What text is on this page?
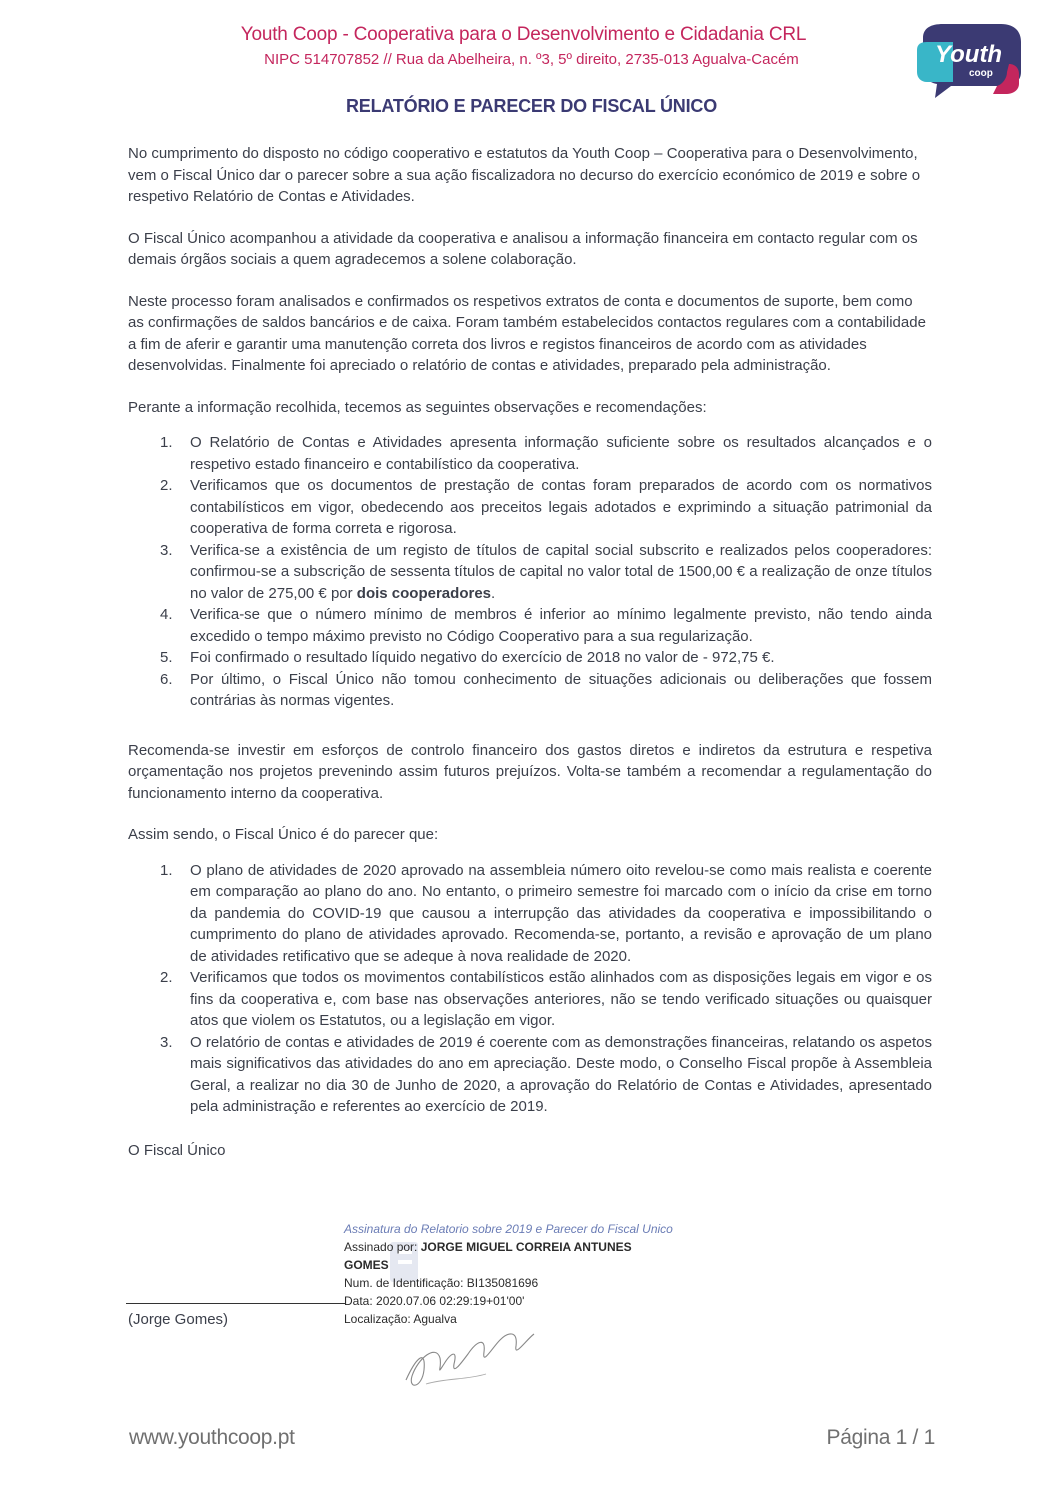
Youth Coop - Cooperativa para o Desenvolvimento e Cidadania CRL
NIPC 514707852 // Rua da Abelheira, n. º3, 5º direito, 2735-013 Agualva-Cacém	Youth
coop
RELATÓRIO E PARECER DO FISCAL ÚNICO

No cumprimento do disposto no código cooperativo e estatutos da Youth Coop – Cooperativa para o Desenvolvimento, vem o Fiscal Único dar o parecer sobre a sua ação fiscalizadora no decurso do exercício económico de 2019 e sobre o respetivo Relatório de Contas e Atividades.

O Fiscal Único acompanhou a atividade da cooperativa e analisou a informação financeira em contacto regular com os demais órgãos sociais a quem agradecemos a solene colaboração.

Neste processo foram analisados e confirmados os respetivos extratos de conta e documentos de suporte, bem como as confirmações de saldos bancários e de caixa. Foram também estabelecidos contactos regulares com a contabilidade a fim de aferir e garantir uma manutenção correta dos livros e registos financeiros de acordo com as atividades desenvolvidas. Finalmente foi apreciado o relatório de contas e atividades, preparado pela administração.

Perante a informação recolhida, tecemos as seguintes observações e recomendações:

1. O Relatório de Contas e Atividades apresenta informação suficiente sobre os resultados alcançados e o respetivo estado financeiro e contabilístico da cooperativa.
2. Verificamos que os documentos de prestação de contas foram preparados de acordo com os normativos contabilísticos em vigor, obedecendo aos preceitos legais adotados e exprimindo a situação patrimonial da cooperativa de forma correta e rigorosa.
3. Verifica-se a existência de um registo de títulos de capital social subscrito e realizados pelos cooperadores: confirmou-se a subscrição de sessenta títulos de capital no valor total de 1500,00 € a realização de onze títulos no valor de 275,00 € por dois cooperadores.
4. Verifica-se que o número mínimo de membros é inferior ao mínimo legalmente previsto, não tendo ainda excedido o tempo máximo previsto no Código Cooperativo para a sua regularização.
5. Foi confirmado o resultado líquido negativo do exercício de 2018 no valor de - 972,75 €.
6. Por último, o Fiscal Único não tomou conhecimento de situações adicionais ou deliberações que fossem contrárias às normas vigentes.

Recomenda-se investir em esforços de controlo financeiro dos gastos diretos e indiretos da estrutura e respetiva orçamentação nos projetos prevenindo assim futuros prejuízos. Volta-se também a recomendar a regulamentação do funcionamento interno da cooperativa.

Assim sendo, o Fiscal Único é do parecer que:

1. O plano de atividades de 2020 aprovado na assembleia número oito revelou-se como mais realista e coerente em comparação ao plano do ano. No entanto, o primeiro semestre foi marcado com o início da crise em torno da pandemia do COVID-19 que causou a interrupção das atividades da cooperativa e impossibilitando o cumprimento do plano de atividades aprovado. Recomenda-se, portanto, a revisão e aprovação de um plano de atividades retificativo que se adeque à nova realidade de 2020.
2. Verificamos que todos os movimentos contabilísticos estão alinhados com as disposições legais em vigor e os fins da cooperativa e, com base nas observações anteriores, não se tendo verificado situações ou quaisquer atos que violem os Estatutos, ou a legislação em vigor.
3. O relatório de contas e atividades de 2019 é coerente com as demonstrações financeiras, relatando os aspetos mais significativos das atividades do ano em apreciação. Deste modo, o Conselho Fiscal propõe à Assembleia Geral, a realizar no dia 30 de Junho de 2020, a aprovação do Relatório de Contas e Atividades, apresentado pela administração e referentes ao exercício de 2019.

O Fiscal Único

Assinatura do Relatorio sobre 2019 e Parecer do Fiscal Unico
Assinado por: JORGE MIGUEL CORREIA ANTUNES GOMES
Num. de Identificação: BI135081696
Data: 2020.07.06 02:29:19+01'00'
Localização: Agualva
(Jorge Gomes)
www.youthcoop.pt	Página 1 / 1
